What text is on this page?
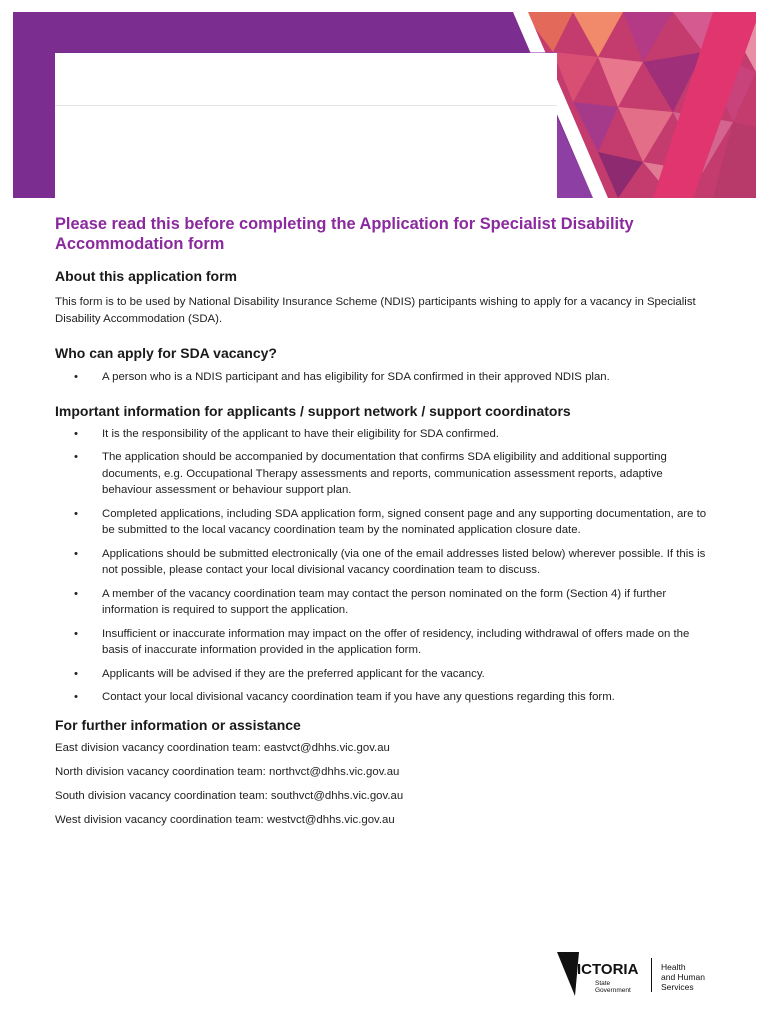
Please read this before completing the Application for Specialist Disability Accommodation form
About this application form

This form is to be used by National Disability Insurance Scheme (NDIS) participants wishing to apply for a vacancy in Specialist Disability Accommodation (SDA).

Who can apply for SDA vacancy?
• A person who is a NDIS participant and has eligibility for SDA confirmed in their approved NDIS plan.
Important information for applicants / support network / support coordinators
• It is the responsibility of the applicant to have their eligibility for SDA confirmed.
• The application should be accompanied by documentation that confirms SDA eligibility and additional supporting documents, e.g. Occupational Therapy assessments and reports, communication assessment reports, adaptive behaviour assessment or behaviour support plan.
• Completed applications, including SDA application form, signed consent page and any supporting documentation, are to be submitted to the local vacancy coordination team by the nominated application closure date.
• Applications should be submitted electronically (via one of the email addresses listed below) wherever possible. If this is not possible, please contact your local divisional vacancy coordination team to discuss.
• A member of the vacancy coordination team may contact the person nominated on the form (Section 4) if further information is required to support the application.
• Insufficient or inaccurate information may impact on the offer of residency, including withdrawal of offers made on the basis of inaccurate information provided in the application form.
• Applicants will be advised if they are the preferred applicant for the vacancy.
• Contact your local divisional vacancy coordination team if you have any questions regarding this form.
For further information or assistance

East division vacancy coordination team: eastvct@dhhs.vic.gov.au

North division vacancy coordination team: northvct@dhhs.vic.gov.au

South division vacancy coordination team: southvct@dhhs.vic.gov.au

West division vacancy coordination team: westvct@dhhs.vic.gov.au

VICTORIA
State
Government
Health
and Human
Services
